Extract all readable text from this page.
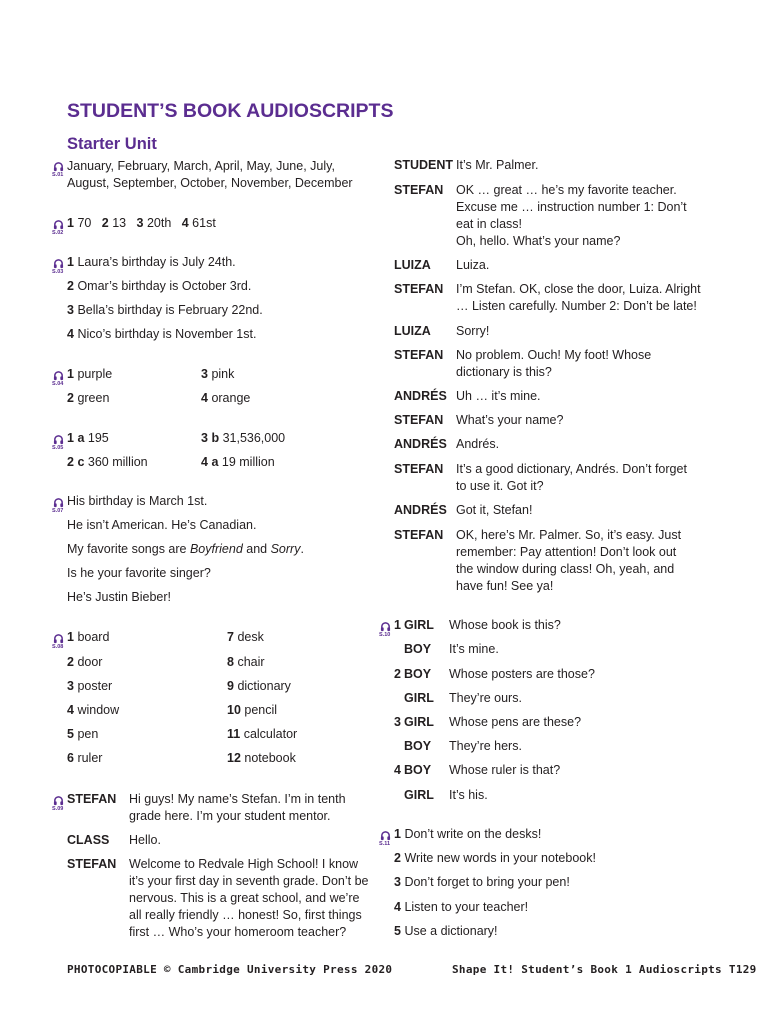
STUDENT’S BOOK AUDIOSCRIPTS
Starter Unit
S.01
January, February, March, April, May, June, July,
August, September, October, November, December
S.02
1 70 2 13 3 20th 4 61st
S.03
1 Laura’s birthday is July 24th.
2 Omar’s birthday is October 3rd.
3 Bella’s birthday is February 22nd.
4 Nico’s birthday is November 1st.
S.04
1 purple	3 pink
2 green	4 orange
S.05
1 a 195	3 b 31,536,000
2 c 360 million	4 a 19 million
S.07
His birthday is March 1st.
He isn’t American. He’s Canadian.
My favorite songs are Boyfriend and Sorry.
Is he your favorite singer?
He’s Justin Bieber!
S.08
1 board	7 desk
2 door	8 chair
3 poster	9 dictionary
4 window	10 pencil
5 pen	11 calculator
6 ruler	12 notebook
S.09
STEFAN Hi guys! My name’s Stefan. I’m in tenth
grade here. I’m your student mentor.
CLASS Hello.
STEFAN Welcome to Redvale High School! I know
it’s your first day in seventh grade. Don’t be
nervous. This is a great school, and we’re
all really friendly … honest! So, first things
first … Who’s your homeroom teacher?
STUDENT It’s Mr. Palmer.
STEFAN OK … great … he’s my favorite teacher.
Excuse me … instruction number 1: Don’t
eat in class!
Oh, hello. What’s your name?
LUIZA Luiza.
STEFAN I’m Stefan. OK, close the door, Luiza. Alright
… Listen carefully. Number 2: Don’t be late!
LUIZA Sorry!
STEFAN No problem. Ouch! My foot! Whose
dictionary is this?
ANDRÉS Uh … it’s mine.
STEFAN What’s your name?
ANDRÉS Andrés.
STEFAN It’s a good dictionary, Andrés. Don’t forget
to use it. Got it?
ANDRÉS Got it, Stefan!
STEFAN OK, here’s Mr. Palmer. So, it’s easy. Just
remember: Pay attention! Don’t look out
the window during class! Oh, yeah, and
have fun! See ya!
S.10
1 GIRL Whose book is this?
BOY It’s mine.
2 BOY Whose posters are those?
GIRL They’re ours.
3 GIRL Whose pens are these?
BOY They’re hers.
4 BOY Whose ruler is that?
GIRL It’s his.
S.11
1 Don’t write on the desks!
2 Write new words in your notebook!
3 Don’t forget to bring your pen!
4 Listen to your teacher!
5 Use a dictionary!
PHOTOCOPIABLE © Cambridge University Press 2020	Shape It! Student’s Book 1 Audioscripts T129
